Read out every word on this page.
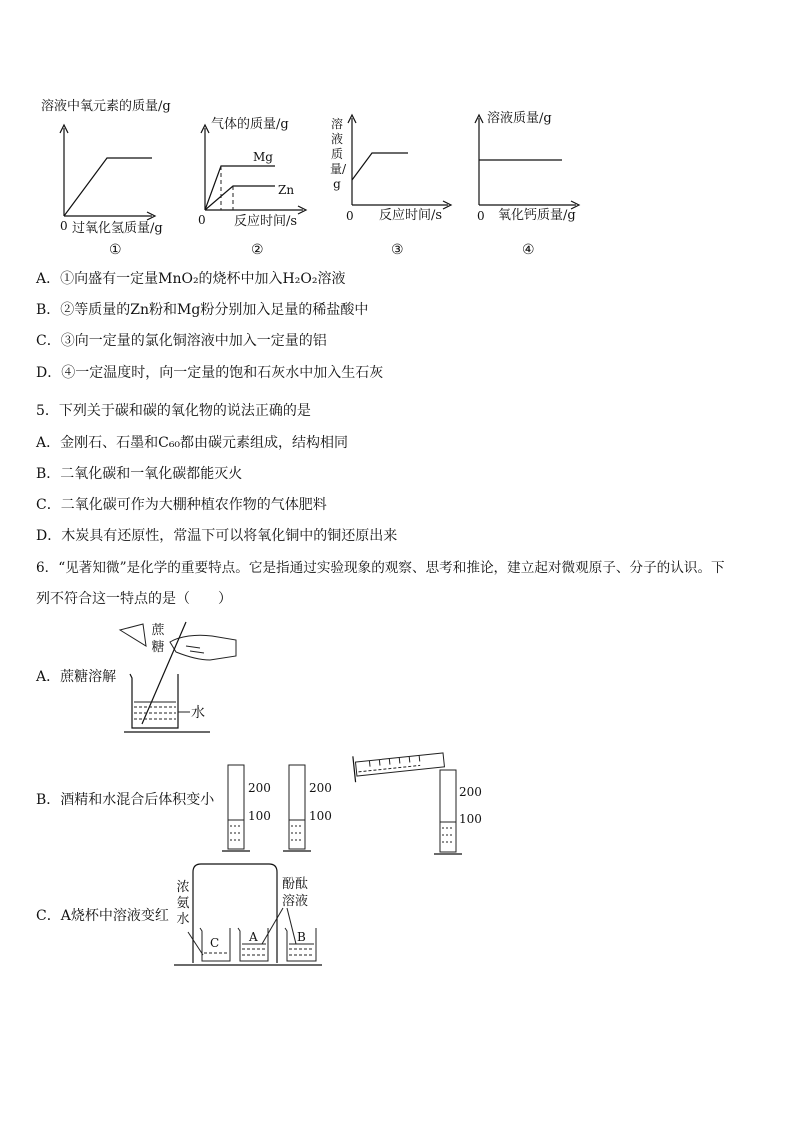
溶液中氧元素的质量/g
0 过氧化氢质量/g
①
气体的质量/g
Mg
Zn
0 反应时间/s
②
溶液质量/g
0 反应时间/s
③
溶液质量/g
0 氧化钙质量/g
④
A．①向盛有一定量MnO₂的烧杯中加入H₂O₂溶液
B．②等质量的Zn粉和Mg粉分别加入足量的稀盐酸中
C．③向一定量的氯化铜溶液中加入一定量的铝
D．④一定温度时，向一定量的饱和石灰水中加入生石灰
5．下列关于碳和碳的氧化物的说法正确的是
A．金刚石、石墨和C₆₀都由碳元素组成，结构相同
B．二氧化碳和一氧化碳都能灭火
C．二氧化碳可作为大棚种植农作物的气体肥料
D．木炭具有还原性，常温下可以将氧化铜中的铜还原出来
6．“见著知微”是化学的重要特点。它是指通过实验现象的观察、思考和推论，建立起对微观原子、分子的认识。下
列不符合这一特点的是（　　）
A．蔗糖溶解
蔗糖
水
B．酒精和水混合后体积变小
200
100
200
100
200
100
C．A烧杯中溶液变红
浓氨水
酚酞溶液
C A	B
